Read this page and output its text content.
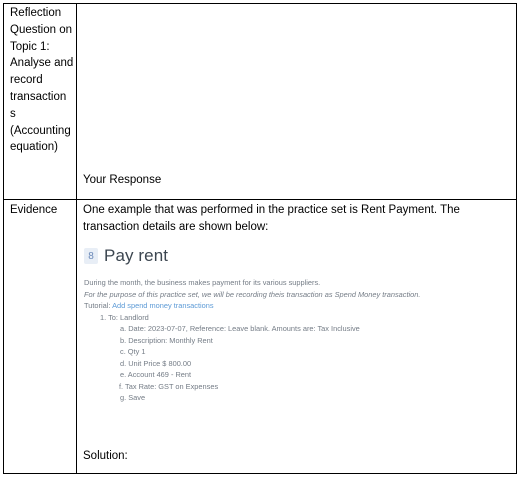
Reflection
Question on
Topic 1:
Analyse and
record
transaction
s
(Accounting
equation)
Your Response
Evidence One example that was performed in the practice set is Rent Payment. The transaction details are shown below:
Solution:
8 Pay rent
During the month, the business makes payment for its various suppliers.
For the purpose of this practice set, we will be recording theis transaction as Spend Money transaction.
Tutorial: Add spend money transactions
1. To: Landlord
a. Date: 2023-07-07, Reference: Leave blank. Amounts are: Tax Inclusive
b. Description: Monthly Rent
c. Qty 1
d. Unit Price $ 800.00
e. Account 469 - Rent
f. Tax Rate: GST on Expenses
g. Save
